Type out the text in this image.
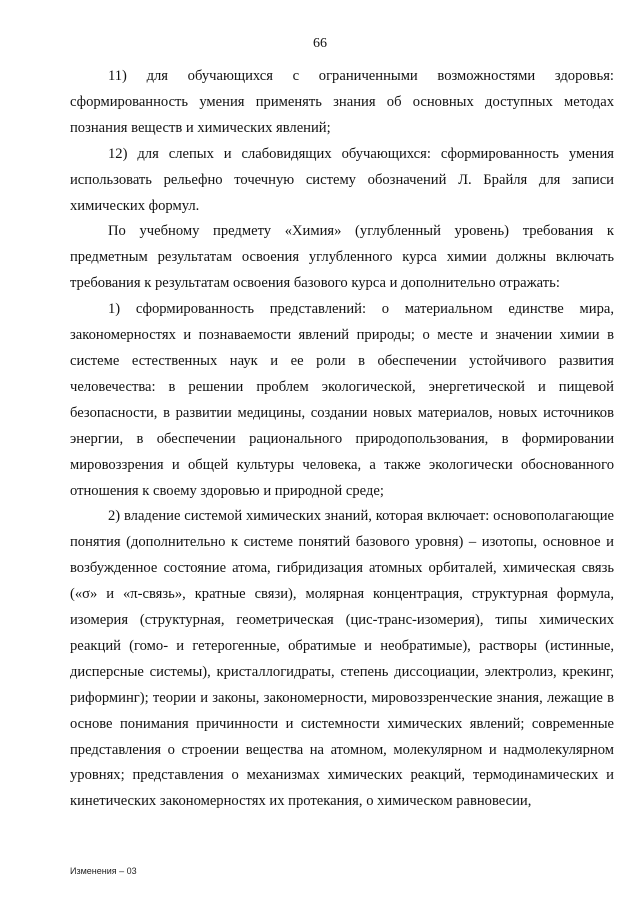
66

11) для обучающихся с ограниченными возможностями здоровья: сформированность умения применять знания об основных доступных методах познания веществ и химических явлений;

12) для слепых и слабовидящих обучающихся: сформированность умения использовать рельефно точечную систему обозначений Л. Брайля для записи химических формул.

По учебному предмету «Химия» (углубленный уровень) требования к предметным результатам освоения углубленного курса химии должны включать требования к результатам освоения базового курса и дополнительно отражать:

1) сформированность представлений: о материальном единстве мира, закономерностях и познаваемости явлений природы; о месте и значении химии в системе естественных наук и ее роли в обеспечении устойчивого развития человечества: в решении проблем экологической, энергетической и пищевой безопасности, в развитии медицины, создании новых материалов, новых источников энергии, в обеспечении рационального природопользования, в формировании мировоззрения и общей культуры человека, а также экологически обоснованного отношения к своему здоровью и природной среде;

2) владение системой химических знаний, которая включает: основополагающие понятия (дополнительно к системе понятий базового уровня) – изотопы, основное и возбужденное состояние атома, гибридизация атомных орбиталей, химическая связь («σ» и «π-связь», кратные связи), молярная концентрация, структурная формула, изомерия (структурная, геометрическая (цис-транс-изомерия), типы химических реакций (гомо- и гетерогенные, обратимые и необратимые), растворы (истинные, дисперсные системы), кристаллогидраты, степень диссоциации, электролиз, крекинг, риформинг); теории и законы, закономерности, мировоззренческие знания, лежащие в основе понимания причинности и системности химических явлений; современные представления о строении вещества на атомном, молекулярном и надмолекулярном уровнях; представления о механизмах химических реакций, термодинамических и кинетических закономерностях их протекания, о химическом равновесии,

Изменения – 03
